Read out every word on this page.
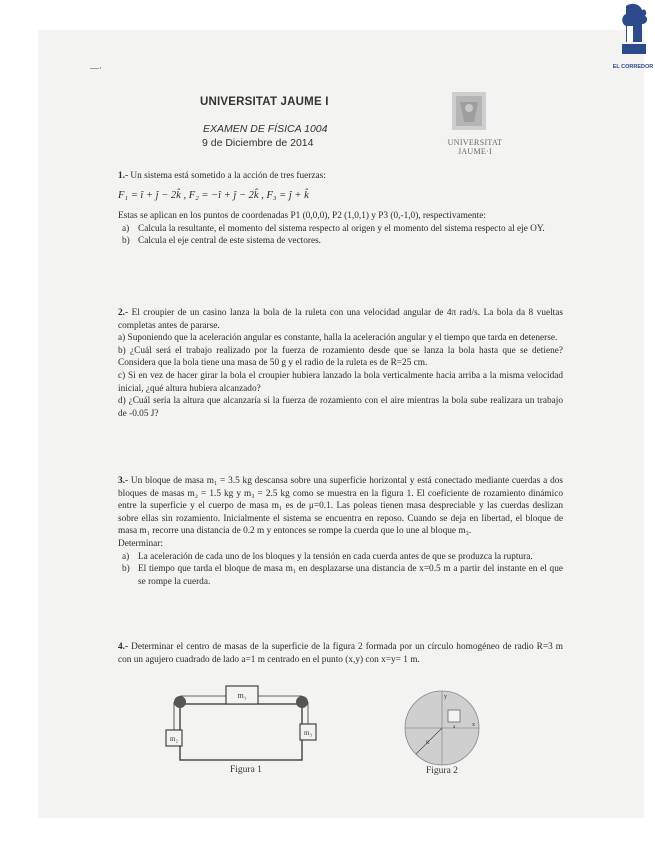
EL CORREDOR
—·
UNIVERSITAT JAUME I
EXAMEN DE FÍSICA 1004
9 de Diciembre de 2014	UNIVERSITAT
JAUME·I
1.- Un sistema está sometido a la acción de tres fuerzas:
F₁ = î + ĵ − 2k̂ , F₂ = −î + ĵ − 2k̂ , F₃ = ĵ + k̂
Estas se aplican en los puntos de coordenadas P1 (0,0,0), P2 (1,0,1) y P3 (0,-1,0), respectivamente:
a) Calcula la resultante, el momento del sistema respecto al origen y el momento del sistema respecto al eje OY.
b) Calcula el eje central de este sistema de vectores.
2.- El croupier de un casino lanza la bola de la ruleta con una velocidad angular de 4π rad/s. La bola da 8 vueltas completas antes de pararse.
a) Suponiendo que la aceleración angular es constante, halla la aceleración angular y el tiempo que tarda en detenerse.
b) ¿Cuál será el trabajo realizado por la fuerza de rozamiento desde que se lanza la bola hasta que se detiene? Considera que la bola tiene una masa de 50 g y el radio de la ruleta es de R=25 cm.
c) Si en vez de hacer girar la bola el croupier hubiera lanzado la bola verticalmente hacia arriba a la misma velocidad inicial, ¿qué altura hubiera alcanzado?
d) ¿Cuál sería la altura que alcanzaría si la fuerza de rozamiento con el aire mientras la bola sube realizara un trabajo de -0.05 J?
3.- Un bloque de masa m₁ = 3.5 kg descansa sobre una superficie horizontal y está conectado mediante cuerdas a dos bloques de masas m₂ = 1.5 kg y m₃ = 2.5 kg como se muestra en la figura 1. El coeficiente de rozamiento dinámico entre la superficie y el cuerpo de masa m₁ es de μ=0.1. Las poleas tienen masa despreciable y las cuerdas deslizan sobre ellas sin rozamiento. Inicialmente el sistema se encuentra en reposo. Cuando se deja en libertad, el bloque de masa m₁ recorre una distancia de 0.2 m y entonces se rompe la cuerda que lo une al bloque m₃.
Determinar:
a) La aceleración de cada uno de los bloques y la tensión en cada cuerda antes de que se produzca la ruptura.
b) El tiempo que tarda el bloque de masa m₁ en desplazarse una distancia de x=0.5 m a partir del instante en el que se rompe la cuerda.
4.- Determinar el centro de masas de la superficie de la figura 2 formada por un círculo homogéneo de radio R=3 m con un agujero cuadrado de lado a=1 m centrado en el punto (x,y) con x=y= 1 m.
m₁
m₂
m₃
Figura 1
x
y
a
R
Figura 2
